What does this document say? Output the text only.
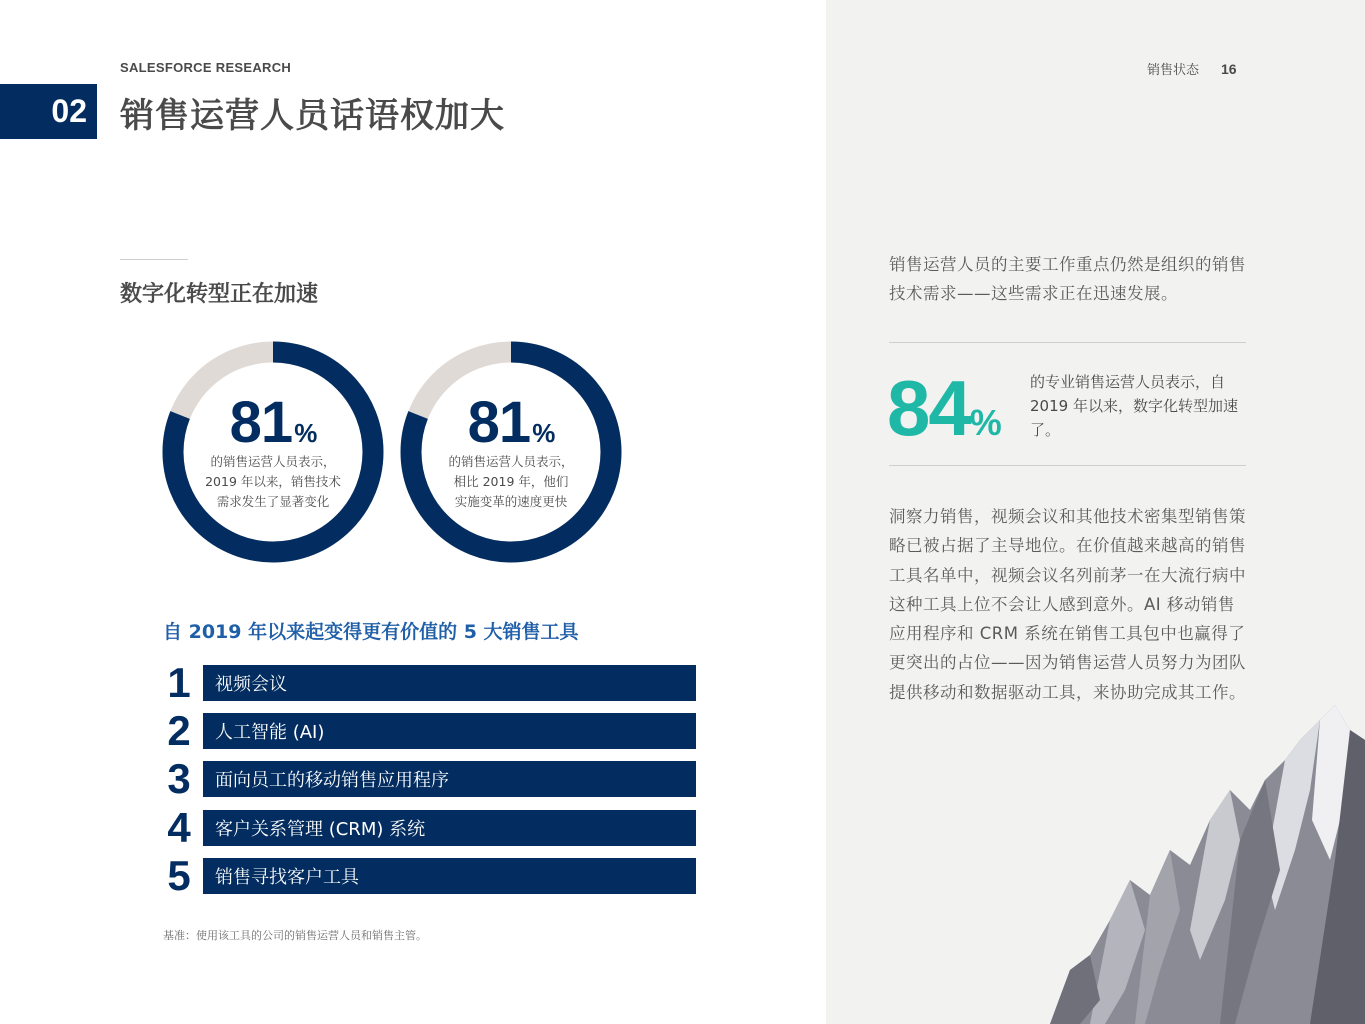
SALESFORCE RESEARCH
02 销售运营人员话语权加大
销售状态 16
数字化转型正在加速
81%
的销售运营人员表示，
2019 年以来，销售技术
需求发生了显著变化
81%
的销售运营人员表示，
相比 2019 年，他们
实施变革的速度更快
自 2019 年以来起变得更有价值的 5 大销售工具
1	视频会议
2	人工智能 (AI)
3	面向员工的移动销售应用程序
4	客户关系管理 (CRM) 系统
5	销售寻找客户工具
基准：使用该工具的公司的销售运营人员和销售主管。
销售运营人员的主要工作重点仍然是组织的销售技术需求——这些需求正在迅速发展。
84%
的专业销售运营人员表示，自 2019 年以来，数字化转型加速了。
洞察力销售，视频会议和其他技术密集型销售策略已被占据了主导地位。在价值越来越高的销售工具名单中，视频会议名列前茅一在大流行病中这种工具上位不会让人感到意外。AI 移动销售应用程序和 CRM 系统在销售工具包中也赢得了更突出的占位——因为销售运营人员努力为团队提供移动和数据驱动工具，来协助完成其工作。
